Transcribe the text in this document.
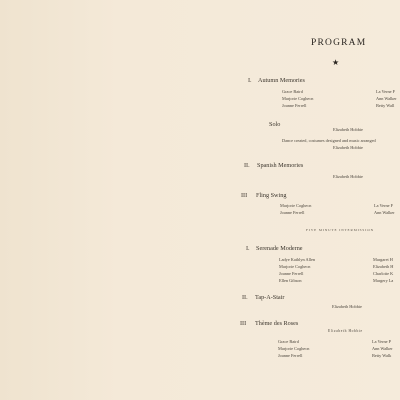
PROGRAM
★
I. Autumn Memories
Grace Baird
Marjorie Coghecn
Joanne Ferrell
La Verne F
Ann Walker
Betty Wall
Solo
Elizabeth Hobbie
Dance created, costumes designed and music arranged
Elizabeth Hobbie
II. Spanish Memories
Elizabeth Hobbie
III Fling Swing
Marjorie Coghecn
Joanne Ferrell
La Verne F
Ann Walker
FIVE MINUTE INTERMISSION
I. Serenade Moderne
Ladye Kathlyn Allen
Marjorie Coghecn
Joanne Ferrell
Ellen Gibson
Margaret H
Elizabeth H
Charlotte K
Margery La
II. Tap-A-Stair
Elizabeth Hobbie
III Thème des Roses
Elizabeth Hobbie
Grace Baird
Marjorie Coghecn
Joanne Ferrell
La Verne P
Ann Walker
Betty Walk
